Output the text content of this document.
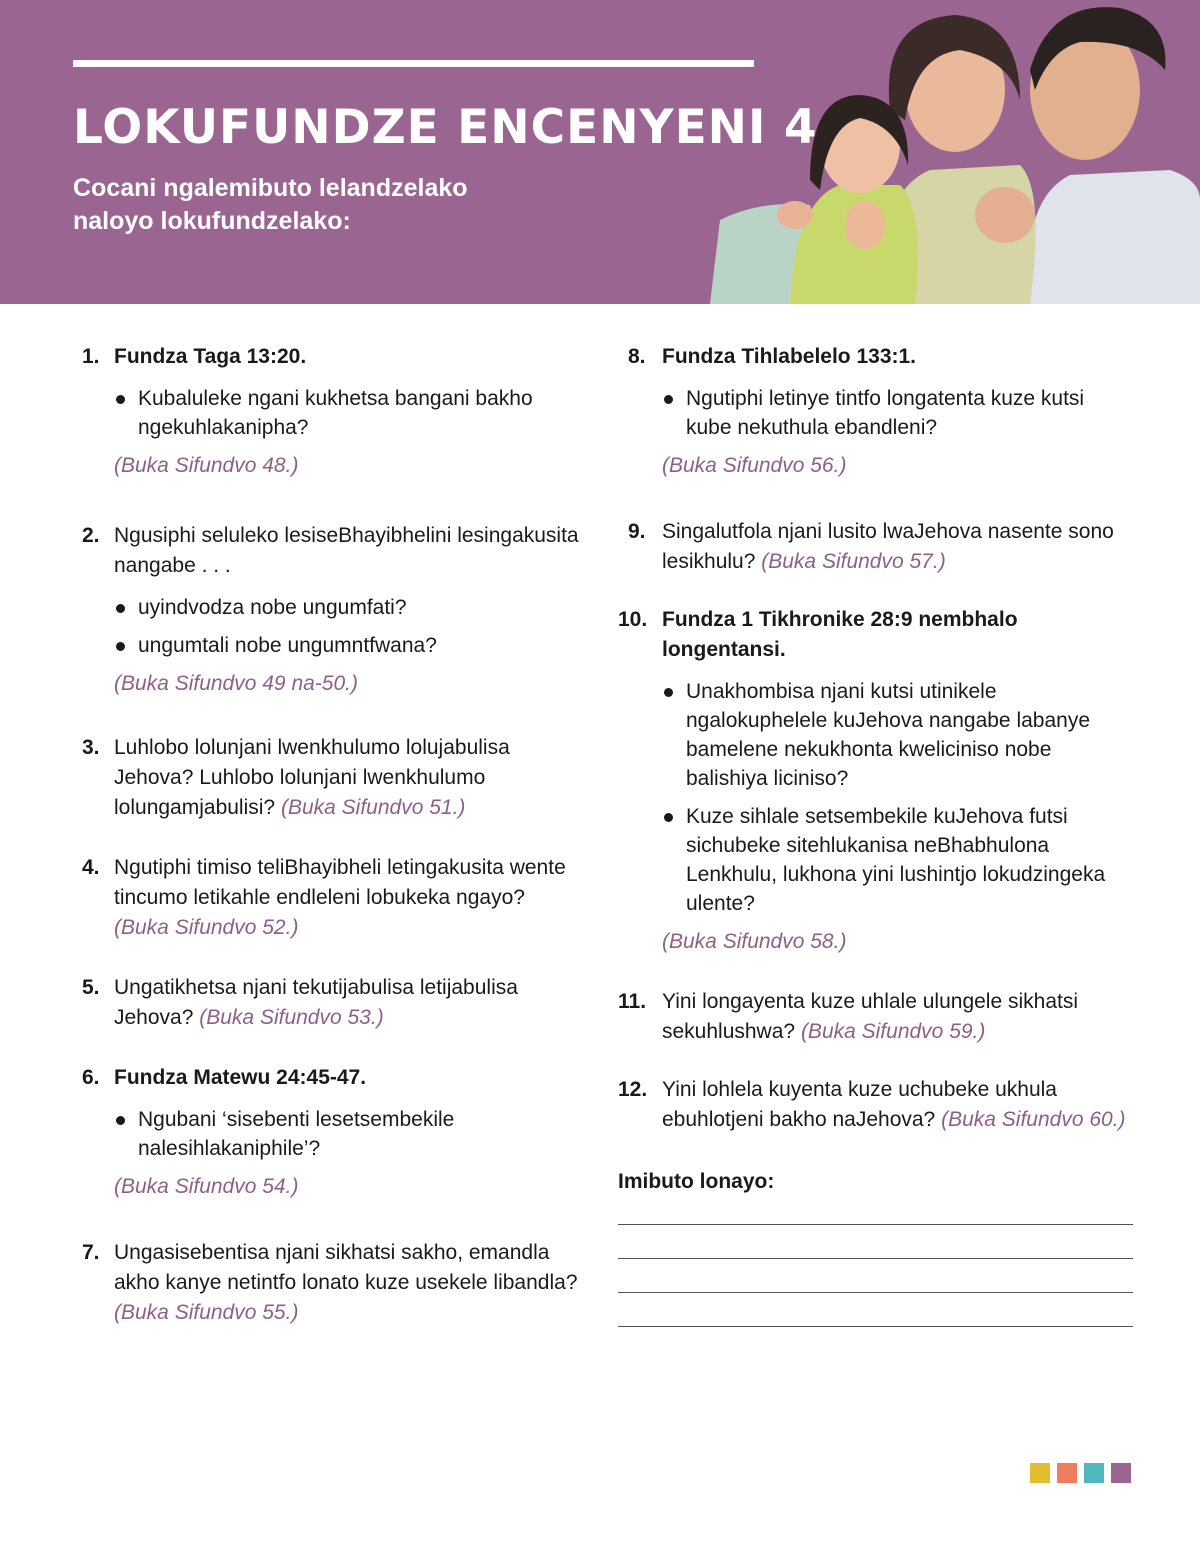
LOKUFUNDZE ENCENYENI 4
Cocani ngalemibuto lelandzelako naloyo lokufundzelako:
1. Fundza Taga 13:20.
Kubaluleke ngani kukhetsa bangani bakho ngekuhlakanipha?
(Buka Sifundvo 48.)
2. Ngusiphi seluleko lesiseBhayibhelini lesingakusita nangabe . . .
uyindvodza nobe ungumfati?
ungumtali nobe ungumntfwana?
(Buka Sifundvo 49 na-50.)
3. Luhlobo lolunjani lwenkhulumo lolujabulisa Jehova? Luhlobo lolunjani lwenkhulumo lolungamjabulisi? (Buka Sifundvo 51.)
4. Ngutiphi timiso teliBhayibheli letingakusita wente tincumo letikahle endleleni lobukeka ngayo? (Buka Sifundvo 52.)
5. Ungatikhetsa njani tekutijabulisa letijabulisa Jehova? (Buka Sifundvo 53.)
6. Fundza Matewu 24:45-47.
Ngubani ‘sisebenti lesetsembekile nalesihlakaniphile’?
(Buka Sifundvo 54.)
7. Ungasisebentisa njani sikhatsi sakho, emandla akho kanye netintfo lonato kuze usekele libandla? (Buka Sifundvo 55.)
8. Fundza Tihlabelelo 133:1.
Ngutiphi letinye tintfo longatenta kuze kutsi kube nekuthula ebandleni?
(Buka Sifundvo 56.)
9. Singalutfola njani lusito lwaJehova nasente sono lesikhulu? (Buka Sifundvo 57.)
10. Fundza 1 Tikhronike 28:9 nembhalo longentansi.
Unakhombisa njani kutsi utinikele ngalokuphelele kuJehova nangabe labanye bamelene nekukhonta kweliciniso nobe balishiya liciniso?
Kuze sihlale setsembekile kuJehova futsi sichubeke sitehlukanisa neBhabhulona Lenkhulu, lukhona yini lushintjo lokudzingeka ulente?
(Buka Sifundvo 58.)
11. Yini longayenta kuze uhlale ulungele sikhatsi sekuhlushwa? (Buka Sifundvo 59.)
12. Yini lohlela kuyenta kuze uchubeke ukhula ebuhlotjeni bakho naJehova? (Buka Sifundvo 60.)
Imibuto lonayo:
